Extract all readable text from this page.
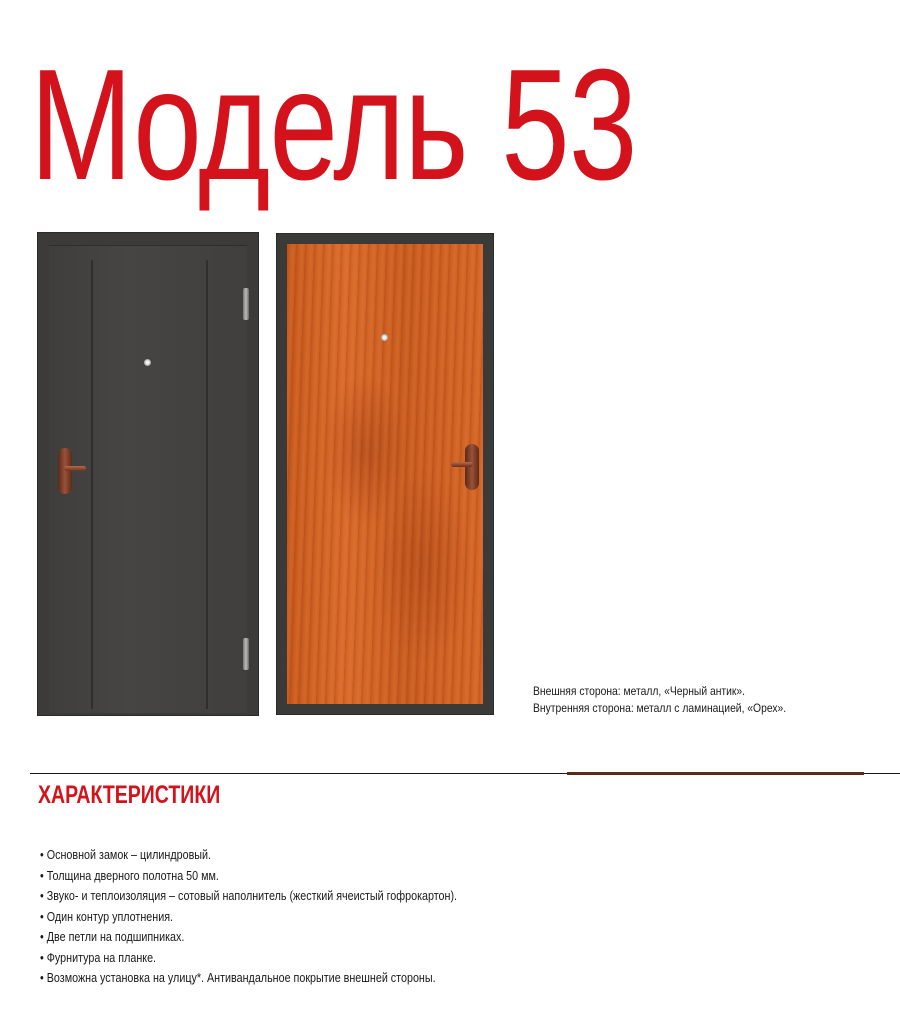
Модель 53
Внешняя сторона: металл, «Черный антик».
Внутренняя сторона: металл с ламинацией, «Орех».
ХАРАКТЕРИСТИКИ
• Основной замок – цилиндровый.
• Толщина дверного полотна 50 мм.
• Звуко- и теплоизоляция – сотовый наполнитель (жесткий ячеистый гофрокартон).
• Один контур уплотнения.
• Две петли на подшипниках.
• Фурнитура на планке.
• Возможна установка на улицу*. Антивандальное покрытие внешней стороны.
